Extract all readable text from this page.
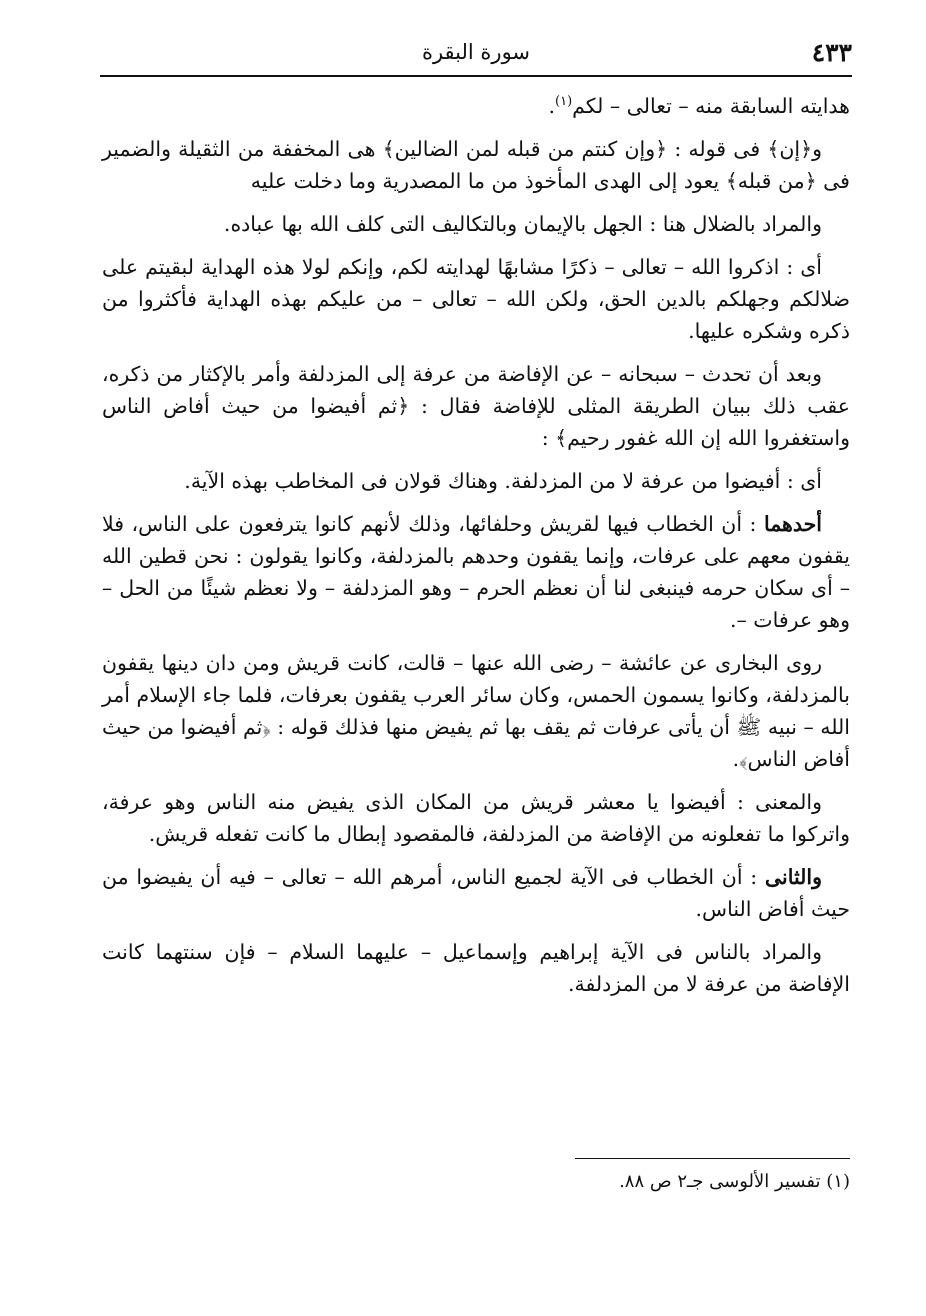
سورة البقرة	٤٣٣

هدايته السابقة منه – تعالى – لكم$^{(١)}$.

و﴿إن﴾ فى قوله : ﴿وإن كنتم من قبله لمن الضالين﴾ هى المخففة من الثقيلة والضمير فى ﴿من قبله﴾ يعود إلى الهدى المأخوذ من ما المصدرية وما دخلت عليه

والمراد بالضلال هنا : الجهل بالإيمان وبالتكاليف التى كلف الله بها عباده.

أى : اذكروا الله – تعالى – ذكرًا مشابهًا لهدايته لكم، وإنكم لولا هذه الهداية لبقيتم على ضلالكم وجهلكم بالدين الحق، ولكن الله – تعالى – من عليكم بهذه الهداية فأكثروا من ذكره وشكره عليها.

وبعد أن تحدث – سبحانه – عن الإفاضة من عرفة إلى المزدلفة وأمر بالإكثار من ذكره، عقب ذلك ببيان الطريقة المثلى للإفاضة فقال : ﴿ثم أفيضوا من حيث أفاض الناس واستغفروا الله إن الله غفور رحيم﴾ :

أى : أفيضوا من عرفة لا من المزدلفة. وهناك قولان فى المخاطب بهذه الآية.

أحدهما : أن الخطاب فيها لقريش وحلفائها، وذلك لأنهم كانوا يترفعون على الناس، فلا يقفون معهم على عرفات، وإنما يقفون وحدهم بالمزدلفة، وكانوا يقولون : نحن قطين الله – أى سكان حرمه فينبغى لنا أن نعظم الحرم – وهو المزدلفة – ولا نعظم شيئًا من الحل – وهو عرفات –.

روى البخارى عن عائشة – رضى الله عنها – قالت، كانت قريش ومن دان دينها يقفون بالمزدلفة، وكانوا يسمون الحمس، وكان سائر العرب يقفون بعرفات، فلما جاء الإسلام أمر الله – نبيه ﷺ أن يأتى عرفات ثم يقف بها ثم يفيض منها فذلك قوله : ﴿ثم أفيضوا من حيث أفاض الناس﴾.

والمعنى : أفيضوا يا معشر قريش من المكان الذى يفيض منه الناس وهو عرفة، واتركوا ما تفعلونه من الإفاضة من المزدلفة، فالمقصود إبطال ما كانت تفعله قريش.

والثانى : أن الخطاب فى الآية لجميع الناس، أمرهم الله – تعالى – فيه أن يفيضوا من حيث أفاض الناس.

والمراد بالناس فى الآية إبراهيم وإسماعيل – عليهما السلام – فإن سنتهما كانت الإفاضة من عرفة لا من المزدلفة.

(١) تفسير الألوسى جـ٢ ص ٨٨.
